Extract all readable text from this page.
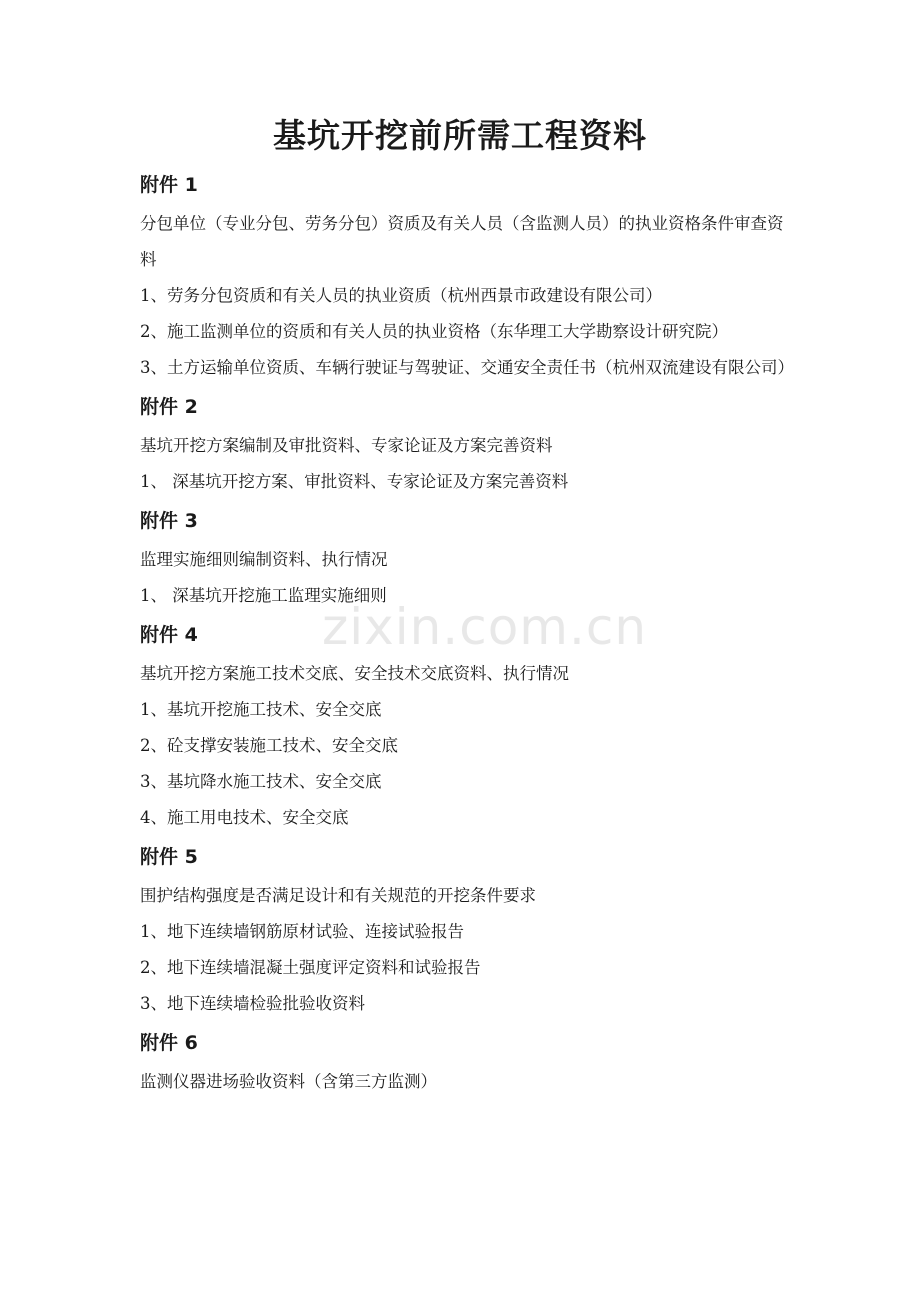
基坑开挖前所需工程资料
附件 1

分包单位（专业分包、劳务分包）资质及有关人员（含监测人员）的执业资格条件审查资料

1、劳务分包资质和有关人员的执业资质（杭州西景市政建设有限公司）

2、施工监测单位的资质和有关人员的执业资格（东华理工大学勘察设计研究院）

3、土方运输单位资质、车辆行驶证与驾驶证、交通安全责任书（杭州双流建设有限公司）

附件 2

基坑开挖方案编制及审批资料、专家论证及方案完善资料

1、 深基坑开挖方案、审批资料、专家论证及方案完善资料

附件 3

监理实施细则编制资料、执行情况

1、 深基坑开挖施工监理实施细则

附件 4

基坑开挖方案施工技术交底、安全技术交底资料、执行情况

1、基坑开挖施工技术、安全交底

2、砼支撑安装施工技术、安全交底

3、基坑降水施工技术、安全交底

4、施工用电技术、安全交底

附件 5

围护结构强度是否满足设计和有关规范的开挖条件要求

1、地下连续墙钢筋原材试验、连接试验报告

2、地下连续墙混凝土强度评定资料和试验报告

3、地下连续墙检验批验收资料

附件 6

监测仪器进场验收资料（含第三方监测）

zixin.com.cn
